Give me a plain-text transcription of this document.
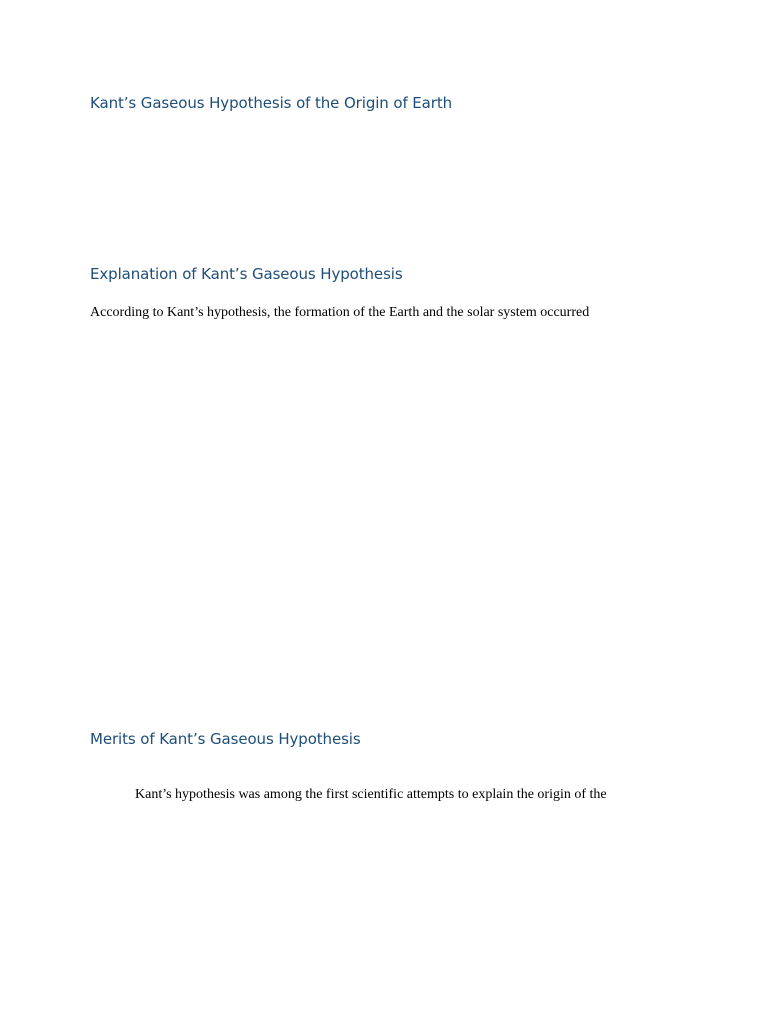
Kant’s Gaseous Hypothesis of the Origin of Earth
Explanation of Kant’s Gaseous Hypothesis

According to Kant’s hypothesis, the formation of the Earth and the solar system occurred

Merits of Kant’s Gaseous Hypothesis

Kant’s hypothesis was among the first scientific attempts to explain the origin of the
